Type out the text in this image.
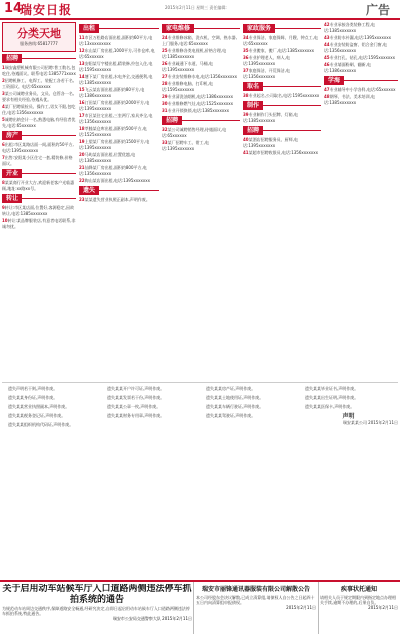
14
瑞安日报	2015年2月11日 星期三 责任编辑:	广告
分类天地
服务热线:65817777
招聘
1瑞安鑫塑机械有限公司招聘:普工数名,包吃住,待遇面议。联系电话:1385771xxxx
2招聘机修工、电焊工、装配工各若干名,工资面议。电话:65xxxxxx
3某公司诚聘业务员、文员、仓管各一名,要求有相关经验,待遇从优。
4某厂招聘质检员、操作工,男女不限,包吃住,电话:1356xxxxxxx
5诚聘出纳会计一名,熟悉电脑,有经验者优先,电话:65xxxxxx
房产
6出租:市区某路店面一间,面积约50平方,电话:1395xxxxxxx
7出售:安阳某小区住宅一套,精装修,价格面议。
开业
8某某商行开业大吉,欢迎新老客户光临惠顾,地址:xx路xx号。
转让
9转让:市区某店面,位置好,客源稳定,因故转让,电话:1385xxxxxxx
10转让:某品牌服装店,有意者电话联系,非诚勿扰。
出租
11市区万松路店面出租,面积约60平方,电话:13xxxxxxxxx
12东山某厂房出租,1000平方,可作仓库,电话:65xxxxxx
13安阳某写字楼出租,精装修,拎包入住,电话:1595xxxxxxx
14塘下某厂房出租,水电齐全,交通便利,电话:1385xxxxxxx
15飞云某店面出租,面积约80平方,电话:1386xxxxxxx
16汀田某厂房出租,面积约2000平方,电话:1395xxxxxxx
17市区某住宅出租,三室两厅,家具齐全,电话:1356xxxxxxx
18莘塍某仓库出租,面积约500平方,电话:1525xxxxxxx
19上望某厂房出租,面积约1500平方,电话:1395xxxxxxx
20马屿某店面出租,位置优越,电话:1385xxxxxxx
21仙降某厂房出租,面积约800平方,电话:1356xxxxxxx
22陶山某店面出租,电话:1395xxxxxxx
遗失
23某某遗失营业执照正副本,声明作废。
家电维修
24专业维修冰箱、洗衣机、空调、热水器,上门服务,电话:65xxxxxx
25专业维修各类电视机,价格合理,电话:1385xxxxxxx
26专业疏通下水道、马桶,电话:1395xxxxxxx
27专业安装维修水电,电话:1356xxxxxxx
28专业维修电脑、打印机,电话:1595xxxxxxx
29专业清洗油烟机,电话:1386xxxxxxx
30专业维修燃气灶,电话:1525xxxxxxx
31专业开锁换锁,电话:1385xxxxxxx
招聘
32某公司诚聘销售经理,待遇面议,电话:65xxxxxx
33某厂招聘车工、钳工,电话:1395xxxxxxx
家政服务
34专业保洁、家庭保姆、月嫂、钟点工,电话:65xxxxxx
35专业搬家、搬厂,电话:1385xxxxxxx
36专业护理老人、病人,电话:1395xxxxxxx
37家庭保洁、开荒保洁,电话:1356xxxxxxx
取名
38专业起名,公司取名,电话:1595xxxxxxx
制作
39专业制作门头招牌、灯箱,电话:1385xxxxxxx
招聘
40某酒店招聘服务员、厨师,电话:1395xxxxxxx
41某超市招聘收银员,电话:1356xxxxxxx
42专业承接各类装修工程,电话:1385xxxxxxx
43专业防水补漏,电话:1395xxxxxxx
44专业安装防盗窗、铝合金门窗,电话:1356xxxxxxx
45专业打孔、钻孔,电话:1595xxxxxxx
46专业墙面粉刷、翻新,电话:1386xxxxxxx
学海
47专业辅导中小学各科,电话:65xxxxxx
48钢琴、书法、美术培训,电话:1385xxxxxxx

遗失声明若干则,声明作废。

遗失某某身份证,声明作废。

遗失某某营业执照副本,声明作废。

遗失某某税务登记证,声明作废。

遗失某某组织机构代码证,声明作废。

遗失某某开户许可证,声明作废。

遗失某某发票若干份,声明作废。

遗失某某公章一枚,声明作废。

遗失某某财务专用章,声明作废。

遗失某某房产证,声明作废。

遗失某某土地使用证,声明作废。

遗失某某车辆行驶证,声明作废。

遗失某某驾驶证,声明作废。

遗失某某毕业证书,声明作废。

遗失某某出生证明,声明作废。

遗失某某医保卡,声明作废。

声明
瑞安某某公司 2015年2月11日
关于启用动车站候车厅入口道路两侧违法停车抓拍系统的通告
为规范动车站周边交通秩序,保障道路安全畅通,经研究决定,自即日起启用动车站候车厅入口道路两侧违法停车抓拍系统,特此通告。
瑞安市公安局交通警察大队 2015年2月11日
瑞安市丽锋通讯器服装有限公司解散公告
本公司经股东会决议解散,已成立清算组,请债权人自公告之日起四十五日内向清算组申报债权。
2015年2月11日
疾事状托通知
请相关人员于规定期限内到指定地点办理相关手续,逾期不办理的,后果自负。
2015年2月11日
